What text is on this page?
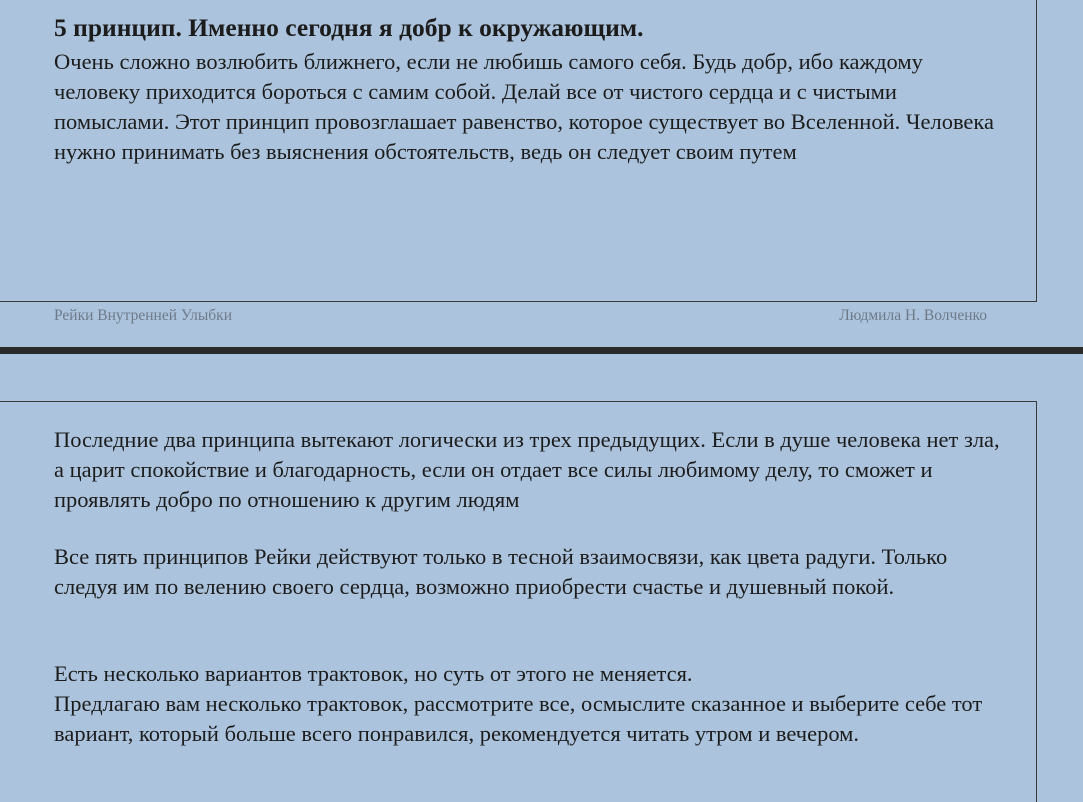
5 принцип. Именно сегодня я добр к окружающим.

Очень сложно возлюбить ближнего, если не любишь самого себя. Будь добр, ибо каждому человеку приходится бороться с самим собой. Делай все от чистого сердца и с чистыми помыслами. Этот принцип провозглашает равенство, которое существует во Вселенной. Человека нужно принимать без выяснения обстоятельств, ведь он следует своим путем

Рейки Внутренней Улыбки	Людмила Н. Волченко

Последние два принципа вытекают логически из трех предыдущих. Если в душе человека нет зла, а царит спокойствие и благодарность, если он отдает все силы любимому делу, то сможет и проявлять добро по отношению к другим людям

Все пять принципов Рейки действуют только в тесной взаимосвязи, как цвета радуги. Только следуя им по велению своего сердца, возможно приобрести счастье и душевный покой.

Есть несколько вариантов трактовок, но суть от этого не меняется.

Предлагаю вам несколько трактовок, рассмотрите все, осмыслите сказанное и выберите себе тот вариант, который больше всего понравился, рекомендуется читать утром и вечером.
